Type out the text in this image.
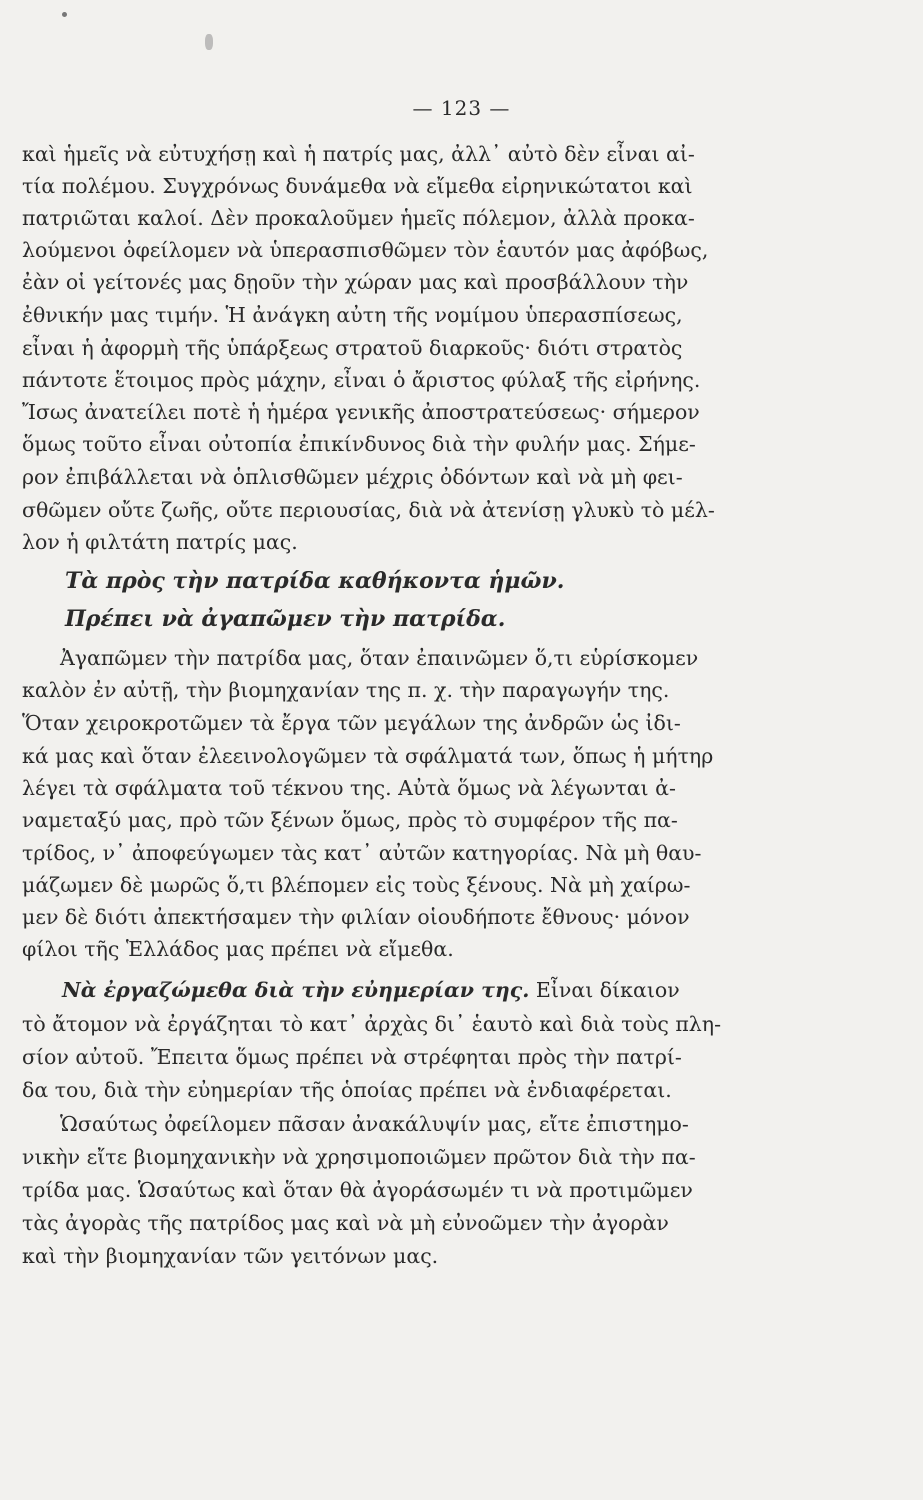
— 123 —
καὶ ἡμεῖς νὰ εὐτυχήσῃ καὶ ἡ πατρίς μας, ἀλλ᾽ αὐτὸ δὲν εἶναι αἰ-
τία πολέμου. Συγχρόνως δυνάμεθα νὰ εἴμεθα εἰρηνικώτατοι καὶ
πατριῶται καλοί. Δὲν προκαλοῦμεν ἡμεῖς πόλεμον, ἀλλὰ προκα-
λούμενοι ὀφείλομεν νὰ ὑπερασπισθῶμεν τὸν ἑαυτόν μας ἀφόβως,
ἐὰν οἱ γείτονές μας δῃοῦν τὴν χώραν μας καὶ προσβάλλουν τὴν
ἐθνικήν μας τιμήν. Ἡ ἀνάγκη αὐτη τῆς νομίμου ὑπερασπίσεως,
εἶναι ἡ ἀφορμὴ τῆς ὑπάρξεως στρατοῦ διαρκοῦς· διότι στρατὸς
πάντοτε ἕτοιμος πρὸς μάχην, εἶναι ὁ ἄριστος φύλαξ τῆς εἰρήνης.
Ἴσως ἀνατείλει ποτὲ ἡ ἡμέρα γενικῆς ἀποστρατεύσεως· σήμερον
ὅμως τοῦτο εἶναι οὐτοπία ἐπικίνδυνος διὰ τὴν φυλήν μας. Σήμε-
ρον ἐπιβάλλεται νὰ ὁπλισθῶμεν μέχρις ὀδόντων καὶ νὰ μὴ φει-
σθῶμεν οὔτε ζωῆς, οὔτε περιουσίας, διὰ νὰ ἀτενίσῃ γλυκὺ τὸ μέλ-
λον ἡ φιλτάτη πατρίς μας.
Τὰ πρὸς τὴν πατρίδα καθήκοντα ἡμῶν.
Πρέπει νὰ ἀγαπῶμεν τὴν πατρίδα.
Ἀγαπῶμεν τὴν πατρίδα μας, ὅταν ἐπαινῶμεν ὅ,τι εὑρίσκομεν
καλὸν ἐν αὐτῇ, τὴν βιομηχανίαν της π. χ. τὴν παραγωγήν της.
Ὅταν χειροκροτῶμεν τὰ ἔργα τῶν μεγάλων της ἀνδρῶν ὡς ἰδι-
κά μας καὶ ὅταν ἐλεεινολογῶμεν τὰ σφάλματά των, ὅπως ἡ μήτηρ
λέγει τὰ σφάλματα τοῦ τέκνου της. Αὐτὰ ὅμως νὰ λέγωνται ἀ-
ναμεταξύ μας, πρὸ τῶν ξένων ὅμως, πρὸς τὸ συμφέρον τῆς πα-
τρίδος, ν᾽ ἀποφεύγωμεν τὰς κατ᾽ αὐτῶν κατηγορίας. Νὰ μὴ θαυ-
μάζωμεν δὲ μωρῶς ὅ,τι βλέπομεν εἰς τοὺς ξένους. Νὰ μὴ χαίρω-
μεν δὲ διότι ἀπεκτήσαμεν τὴν φιλίαν οἱουδήποτε ἔθνους· μόνον
φίλοι τῆς Ἑλλάδος μας πρέπει νὰ εἴμεθα.
Νὰ ἐργαζώμεθα διὰ τὴν εὐημερίαν της. Εἶναι δίκαιον
τὸ ἄτομον νὰ ἐργάζηται τὸ κατ᾽ ἀρχὰς δι᾽ ἑαυτὸ καὶ διὰ τοὺς πλη-
σίον αὐτοῦ. Ἔπειτα ὅμως πρέπει νὰ στρέφηται πρὸς τὴν πατρί-
δα του, διὰ τὴν εὐημερίαν τῆς ὁποίας πρέπει νὰ ἐνδιαφέρεται.
Ὡσαύτως ὀφείλομεν πᾶσαν ἀνακάλυψίν μας, εἴτε ἐπιστημο-
νικὴν εἴτε βιομηχανικὴν νὰ χρησιμοποιῶμεν πρῶτον διὰ τὴν πα-
τρίδα μας. Ὡσαύτως καὶ ὅταν θὰ ἀγοράσωμέν τι νὰ προτιμῶμεν
τὰς ἀγορὰς τῆς πατρίδος μας καὶ νὰ μὴ εὐνοῶμεν τὴν ἀγορὰν
καὶ τὴν βιομηχανίαν τῶν γειτόνων μας.
